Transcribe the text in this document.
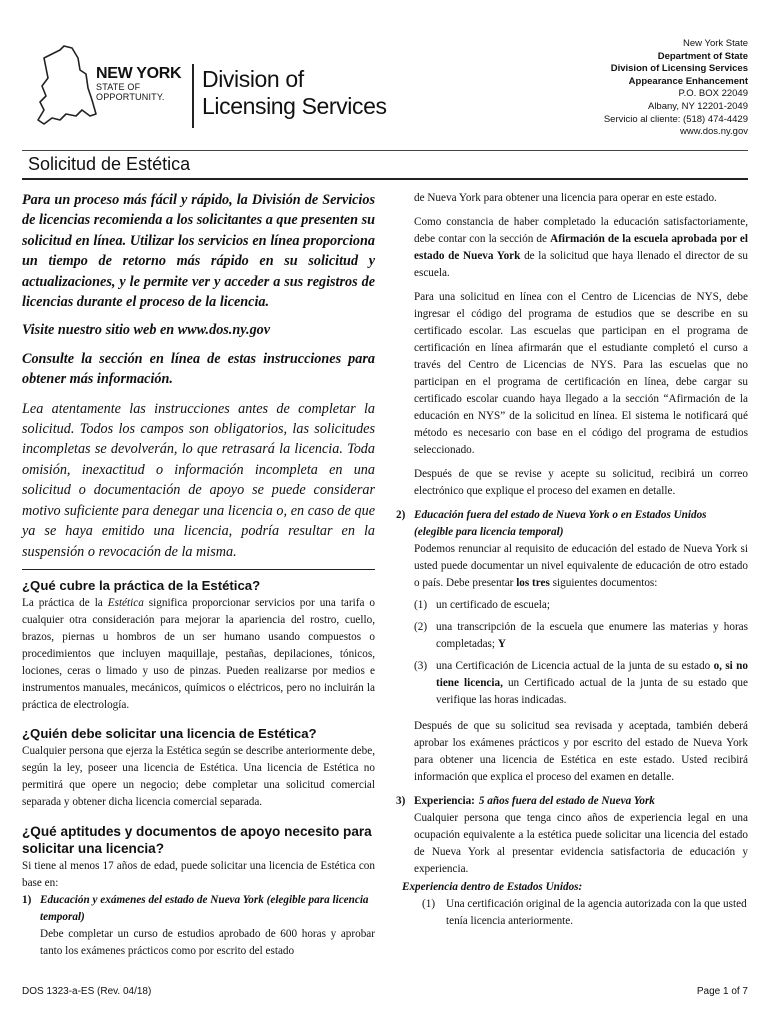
NEW YORK
STATE OF
OPPORTUNITY.
Division of
Licensing Services
New York State
Department of State
Division of Licensing Services
Appearance Enhancement
P.O. BOX 22049
Albany, NY 12201-2049
Servicio al cliente: (518) 474-4429
www.dos.ny.gov
Solicitud de Estética

Para un proceso más fácil y rápido, la División de Servicios de licencias recomienda a los solicitantes a que presenten su solicitud en línea. Utilizar los servicios en línea proporciona un tiempo de retorno más rápido en su solicitud y actualizaciones, y le permite ver y acceder a sus registros de licencias durante el proceso de la licencia.

Visite nuestro sitio web en www.dos.ny.gov

Consulte la sección en línea de estas instrucciones para obtener más información.

Lea atentamente las instrucciones antes de completar la solicitud. Todos los campos son obligatorios, las solicitudes incompletas se devolverán, lo que retrasará la licencia. Toda omisión, inexactitud o información incompleta en una solicitud o documentación de apoyo se puede considerar motivo suficiente para denegar una licencia o, en caso de que ya se haya emitido una licencia, podría resultar en la suspensión o revocación de la misma.

¿Qué cubre la práctica de la Estética?

La práctica de la Estética significa proporcionar servicios por una tarifa o cualquier otra consideración para mejorar la apariencia del rostro, cuello, brazos, piernas u hombros de un ser humano usando compuestos o procedimientos que incluyen maquillaje, pestañas, depilaciones, tónicos, lociones, ceras o limado y uso de pinzas. Pueden realizarse por medios e instrumentos manuales, mecánicos, químicos o eléctricos, pero no incluirán la práctica de electrología.

¿Quién debe solicitar una licencia de Estética?

Cualquier persona que ejerza la Estética según se describe anteriormente debe, según la ley, poseer una licencia de Estética. Una licencia de Estética no permitirá que opere un negocio; debe completar una solicitud comercial separada y obtener dicha licencia comercial separada.

¿Qué aptitudes y documentos de apoyo necesito para solicitar una licencia?

Si tiene al menos 17 años de edad, puede solicitar una licencia de Estética con base en:

1) Educación y exámenes del estado de Nueva York (elegible para licencia temporal)

Debe completar un curso de estudios aprobado de 600 horas y aprobar tanto los exámenes prácticos como por escrito del estado

de Nueva York para obtener una licencia para operar en este estado.

Como constancia de haber completado la educación satisfactoriamente, debe contar con la sección de Afirmación de la escuela aprobada por el estado de Nueva York de la solicitud que haya llenado el director de su escuela.

Para una solicitud en línea con el Centro de Licencias de NYS, debe ingresar el código del programa de estudios que se describe en su certificado escolar. Las escuelas que participan en el programa de certificación en línea afirmarán que el estudiante completó el curso a través del Centro de Licencias de NYS. Para las escuelas que no participan en el programa de certificación en línea, debe cargar su certificado escolar cuando haya llegado a la sección “Afirmación de la educación en NYS” de la solicitud en línea. El sistema le notificará qué método es necesario con base en el código del programa de estudios seleccionado.

Después de que se revise y acepte su solicitud, recibirá un correo electrónico que explique el proceso del examen en detalle.

2) Educación fuera del estado de Nueva York o en Estados Unidos (elegible para licencia temporal)

Podemos renunciar al requisito de educación del estado de Nueva York si usted puede documentar un nivel equivalente de educación de otro estado o país. Debe presentar los tres siguientes documentos:

(1) un certificado de escuela;
(2) una transcripción de la escuela que enumere las materias y horas completadas; Y
(3) una Certificación de Licencia actual de la junta de su estado o, si no tiene licencia, un Certificado actual de la junta de su estado que verifique las horas indicadas.

Después de que su solicitud sea revisada y aceptada, también deberá aprobar los exámenes prácticos y por escrito del estado de Nueva York para obtener una licencia de Estética en este estado. Usted recibirá información que explica el proceso del examen en detalle.

3) Experiencia: 5 años fuera del estado de Nueva York

Cualquier persona que tenga cinco años de experiencia legal en una ocupación equivalente a la estética puede solicitar una licencia del estado de Nueva York al presentar evidencia satisfactoria de educación y experiencia.

Experiencia dentro de Estados Unidos:
(1) Una certificación original de la agencia autorizada con la que usted tenía licencia anteriormente.
DOS 1323-a-ES (Rev. 04/18)	Page 1 of 7
